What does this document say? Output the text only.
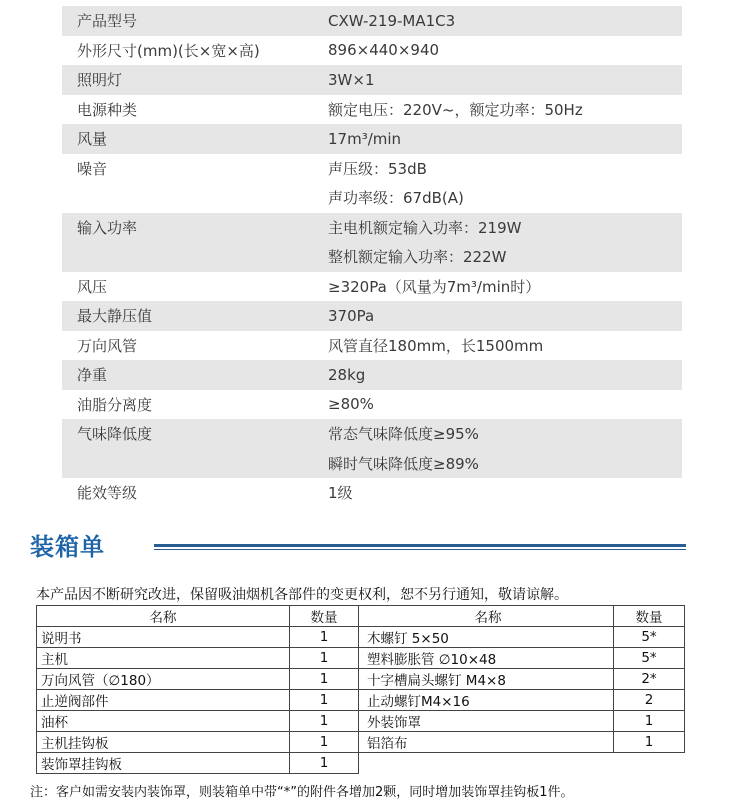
产品型号	CXW-219-MA1C3
外形尺寸(mm)(长×宽×高)	896×440×940
照明灯	3W×1
电源种类	额定电压：220V~，额定功率：50Hz
风量	17m³/min
噪音	声压级：53dB
声功率级：67dB(A)
输入功率	主电机额定输入功率：219W
整机额定输入功率：222W
风压	≥320Pa（风量为7m³/min时）
最大静压值	370Pa
万向风管	风管直径180mm，长1500mm
净重	28kg
油脂分离度	≥80%
气味降低度	常态气味降低度≥95%
瞬时气味降低度≥89%
能效等级	1级
装箱单
本产品因不断研究改进，保留吸油烟机各部件的变更权利，恕不另行通知，敬请谅解。
名称	数量	名称	数量
说明书	1	木螺钉 5×50	5*
主机	1	塑料膨胀管 ∅10×48	5*
万向风管（∅180）	1	十字槽扁头螺钉 M4×8	2*
止逆阀部件	1	止动螺钉M4×16	2
油杯	1	外装饰罩	1
主机挂钩板	1	铝箔布	1
装饰罩挂钩板	1		
注：客户如需安装内装饰罩，则装箱单中带“*”的附件各增加2颗，同时增加装饰罩挂钩板1件。
